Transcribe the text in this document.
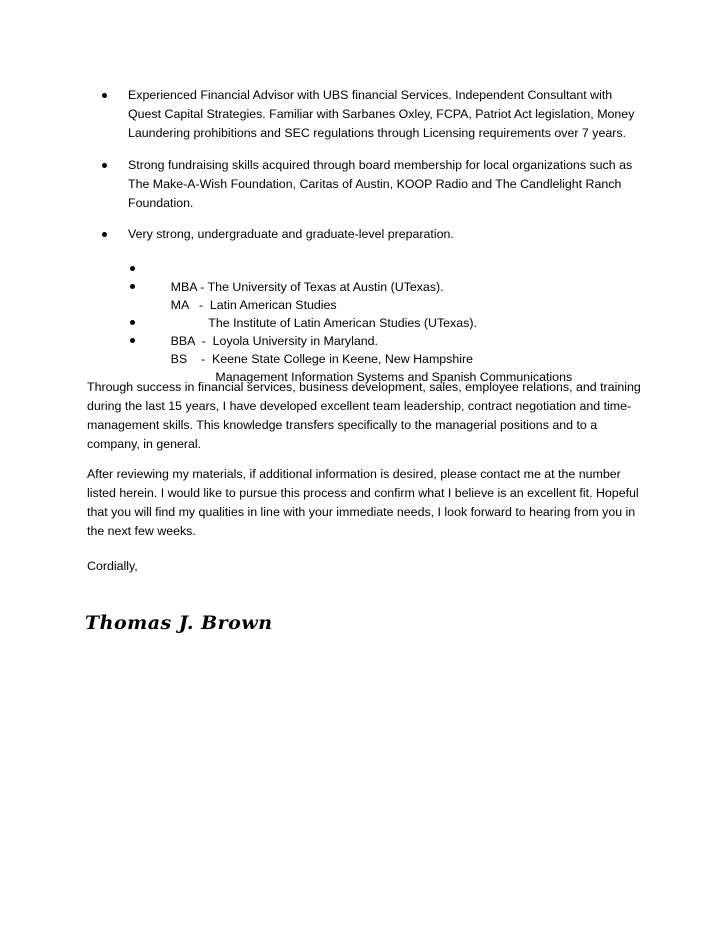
Experienced Financial Advisor with UBS financial Services. Independent Consultant with Quest Capital Strategies. Familiar with Sarbanes Oxley, FCPA, Patriot Act legislation, Money Laundering prohibitions and SEC regulations through Licensing requirements over 7 years.
Strong fundraising skills acquired through board membership for local organizations such as The Make-A-Wish Foundation, Caritas of Austin, KOOP Radio and The Candlelight Ranch Foundation.
Very strong, undergraduate and graduate-level preparation.

MBA - The University of Texas at Austin (UTexas).

MA   -  Latin American Studies

The Institute of Latin American Studies (UTexas).

BBA  -  Loyola University in Maryland.

BS    -  Keene State College in Keene, New Hampshire

Management Information Systems and Spanish Communications

Through success in financial services, business development, sales, employee relations, and training during the last 15 years, I have developed excellent team leadership, contract negotiation and time-management skills. This knowledge transfers specifically to the managerial positions and to a company, in general.
After reviewing my materials, if additional information is desired, please contact me at the number listed herein. I would like to pursue this process and confirm what I believe is an excellent fit. Hopeful that you will find my qualities in line with your immediate needs, I look forward to hearing from you in the next few weeks.
Cordially,
Thomas J. Brown
